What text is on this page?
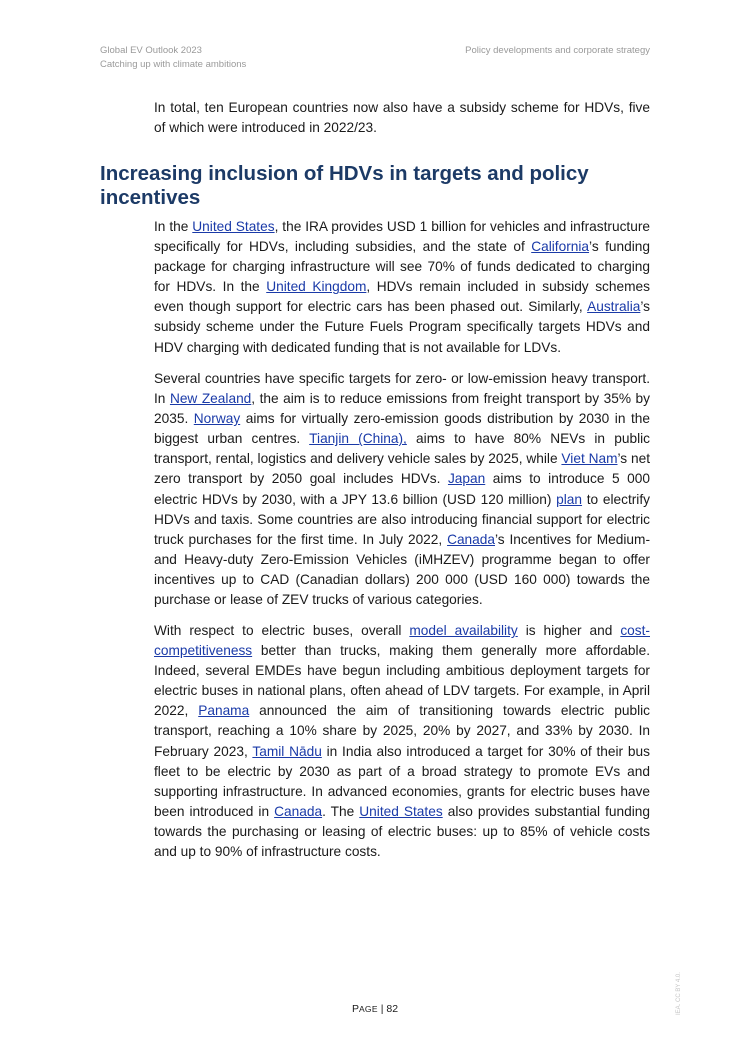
Global EV Outlook 2023
Catching up with climate ambitions
Policy developments and corporate strategy

In total, ten European countries now also have a subsidy scheme for HDVs, five of which were introduced in 2022/23.

Increasing inclusion of HDVs in targets and policy incentives

In the United States, the IRA provides USD 1 billion for vehicles and infrastructure specifically for HDVs, including subsidies, and the state of California’s funding package for charging infrastructure will see 70% of funds dedicated to charging for HDVs. In the United Kingdom, HDVs remain included in subsidy schemes even though support for electric cars has been phased out. Similarly, Australia’s subsidy scheme under the Future Fuels Program specifically targets HDVs and HDV charging with dedicated funding that is not available for LDVs.

Several countries have specific targets for zero- or low-emission heavy transport. In New Zealand, the aim is to reduce emissions from freight transport by 35% by 2035. Norway aims for virtually zero-emission goods distribution by 2030 in the biggest urban centres. Tianjin (China), aims to have 80% NEVs in public transport, rental, logistics and delivery vehicle sales by 2025, while Viet Nam’s net zero transport by 2050 goal includes HDVs. Japan aims to introduce 5 000 electric HDVs by 2030, with a JPY 13.6 billion (USD 120 million) plan to electrify HDVs and taxis. Some countries are also introducing financial support for electric truck purchases for the first time. In July 2022, Canada’s Incentives for Medium- and Heavy-duty Zero-Emission Vehicles (iMHZEV) programme began to offer incentives up to CAD (Canadian dollars) 200 000 (USD 160 000) towards the purchase or lease of ZEV trucks of various categories.

With respect to electric buses, overall model availability is higher and cost-competitiveness better than trucks, making them generally more affordable. Indeed, several EMDEs have begun including ambitious deployment targets for electric buses in national plans, often ahead of LDV targets. For example, in April 2022, Panama announced the aim of transitioning towards electric public transport, reaching a 10% share by 2025, 20% by 2027, and 33% by 2030. In February 2023, Tamil Nādu in India also introduced a target for 30% of their bus fleet to be electric by 2030 as part of a broad strategy to promote EVs and supporting infrastructure. In advanced economies, grants for electric buses have been introduced in Canada. The United States also provides substantial funding towards the purchasing or leasing of electric buses: up to 85% of vehicle costs and up to 90% of infrastructure costs.

PAGE | 82	IEA. CC BY 4.0.
